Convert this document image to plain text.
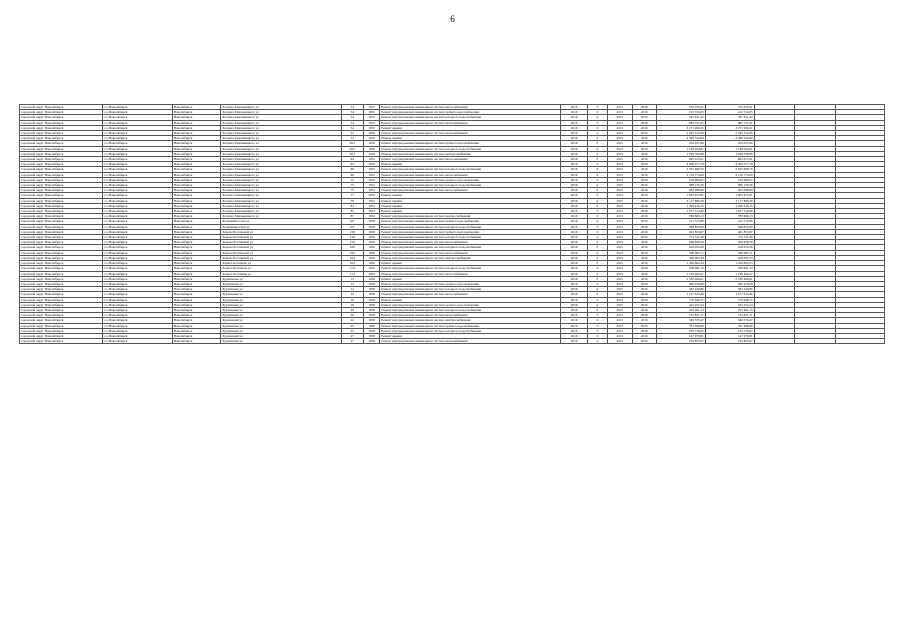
6
городской округ Новосибирск	г.о.Новосибирск	Новосибирск	Богдана Хмельницкого ул	53	1957	Ремонт внутридомовых инженерных систем теплоснабжения	2016	0	2015	2016	570 076,41	570 076,41			
городской округ Новосибирск	г.о.Новосибирск	Новосибирск	Богдана Хмельницкого ул	54	1955	Ремонт внутридомовых инженерных систем горячего водоснабжения	2016	0	2015	2016	212 724,05	212 724,05			
городской округ Новосибирск	г.о.Новосибирск	Новосибирск	Богдана Хмельницкого ул	54	1955	Ремонт внутридомовых инженерных систем холодного водоснабжения	2016	0	2015	2016	367 811,42	367 811,42			
городской округ Новосибирск	г.о.Новосибирск	Новосибирск	Богдана Хмельницкого ул	54	1955	Ремонт внутридомовых инженерных систем теплоснабжения	2016	0	2015	2016	985 751,61	985 751,61			
городской округ Новосибирск	г.о.Новосибирск	Новосибирск	Богдана Хмельницкого ул	54	1955	Ремонт крыши	2016	0	2015	2016	3 271 269,21	3 271 269,21			
городской округ Новосибирск	г.о.Новосибирск	Новосибирск	Богдана Хмельницкого ул	55	1956	Ремонт внутридомовых инженерных систем теплоснабжения	2016	0	2015	2016	2 345 312,08	2 345 312,08			
городской округ Новосибирск	г.о.Новосибирск	Новосибирск	Богдана Хмельницкого ул	55	1956	Ремонт крыши	2016	0	2015	2016	4 369 724,69	4 369 724,69			
городской округ Новосибирск	г.о.Новосибирск	Новосибирск	Богдана Хмельницкого ул	56/1	1958	Ремонт внутридомовых инженерных систем горячего водоснабжения	2016	0	2015	2016	259 037,69	259 037,69			
городской округ Новосибирск	г.о.Новосибирск	Новосибирск	Богдана Хмельницкого ул	56/1	1958	Ремонт внутридомовых инженерных систем холодного водоснабжения	2016	0	2015	2016	1 148 044,81	1 148 044,81			
городской округ Новосибирск	г.о.Новосибирск	Новосибирск	Богдана Хмельницкого ул	56/1	1958	Ремонт внутридомовых инженерных систем электроснабжения	2016	0	2015	2016	1 039 700,88	1 039 700,88			
городской округ Новосибирск	г.о.Новосибирск	Новосибирск	Богдана Хмельницкого ул	64	1952	Ремонт внутридомовых инженерных систем теплоснабжения	2016	0	2015	2016	605 915,91	605 915,91			
городской округ Новосибирск	г.о.Новосибирск	Новосибирск	Богдана Хмельницкого ул	64	1952	Ремонт крыши	2016	0	2015	2016	4 306 577,79	4 306 577,79			
городской округ Новосибирск	г.о.Новосибирск	Новосибирск	Богдана Хмельницкого ул	66	1952	Ремонт внутридомовых инженерных систем холодного водоснабжения	2016	0	2015	2016	2 355 698,70	2 355 698,70			
городской округ Новосибирск	г.о.Новосибирск	Новосибирск	Богдана Хмельницкого ул	66	1952	Ремонт внутридомовых инженерных систем теплоснабжения	2016	0	2015	2016	2 116 774,09	2 116 774,09			
городской округ Новосибирск	г.о.Новосибирск	Новосибирск	Богдана Хмельницкого ул	75	1952	Ремонт внутридомовых инженерных систем горячего водоснабжения	2016	0	2015	2016	219 690,07	219 690,07			
городской округ Новосибирск	г.о.Новосибирск	Новосибирск	Богдана Хмельницкого ул	75	1952	Ремонт внутридомовых инженерных систем холодного водоснабжения	2016	0	2015	2016	968 139,36	968 139,36			
городской округ Новосибирск	г.о.Новосибирск	Новосибирск	Богдана Хмельницкого ул	75	1952	Ремонт внутридомовых инженерных систем теплоснабжения	2016	0	2015	2016	922 098,69	922 098,69			
городской округ Новосибирск	г.о.Новосибирск	Новосибирск	Богдана Хмельницкого ул	77	1952	Ремонт крыши	2016	0	2015	2016	1 963 472,81	1 963 472,81			
городской округ Новосибирск	г.о.Новосибирск	Новосибирск	Богдана Хмельницкого ул	79	1952	Ремонт крыши	2016	0	2015	2016	3 117 899,39	3 117 899,39			
городской округ Новосибирск	г.о.Новосибирск	Новосибирск	Богдана Хмельницкого ул	83	1952	Ремонт крыши	2016	0	2015	2016	1 290 416,15	1 290 416,15			
городской округ Новосибирск	г.о.Новосибирск	Новосибирск	Богдана Хмельницкого ул	85	1952	Ремонт крыши	2016	0	2015	2016	1 077 514,96	1 077 514,96			
городской округ Новосибирск	г.о.Новосибирск	Новосибирск	Богдана Хмельницкого ул	87	1954	Ремонт внутридомовых инженерных систем электроснабжения	2016	0	2015	2016	780 669,13	780 669,13			
городской округ Новосибирск	г.о.Новосибирск	Новосибирск	Большевистская ул	107	1958	Ремонт внутридомовых инженерных систем горячего водоснабжения	2016	0	2015	2016	211 513,86	211 513,86			
городской округ Новосибирск	г.о.Новосибирск	Новосибирск	Большевистская ул	107	1958	Ремонт внутридомовых инженерных систем холодного водоснабжения	2016	0	2015	2016	598 833,09	598 833,09			
городской округ Новосибирск	г.о.Новосибирск	Новосибирск	Березы Богатковой ул	158	1959	Ремонт внутридомовых инженерных систем горячего водоснабжения	2016	0	2015	2016	461 853,87	461 853,87			
городской округ Новосибирск	г.о.Новосибирск	Новосибирск	Березы Богатковой ул	158	1959	Ремонт внутридомовых инженерных систем холодного водоснабжения	2016	0	2015	2016	772 511,48	772 511,48			
городской округ Новосибирск	г.о.Новосибирск	Новосибирск	Березы Богатковой ул	158	1959	Ремонт внутридомовых инженерных систем теплоснабжения	2016	0	2015	2016	266 658,59	266 658,59			
городской округ Новосибирск	г.о.Новосибирск	Новосибирск	Березы Богатковой ул	160	1956	Ремонт внутридомовых инженерных систем холодного водоснабжения	2016	0	2015	2016	618 054,58	618 054,58			
городской округ Новосибирск	г.о.Новосибирск	Новосибирск	Березы Богатковой ул	160	1956	Ремонт внутридомовых инженерных систем теплоснабжения	2016	0	2015	2016	598 960,11	598 960,11			
городской округ Новосибирск	г.о.Новосибирск	Новосибирск	Березы Богатковой ул	164	1956	Ремонт внутридомовых инженерных систем электроснабжения	2016	0	2015	2016	456 095,33	456 095,33			
городской округ Новосибирск	г.о.Новосибирск	Новосибирск	Бориса Богаткова ул	164	1956	Ремонт крыши	2016	0	2015	2016	1 439 862,23	1 439 862,23			
городской округ Новосибирск	г.о.Новосибирск	Новосибирск	Бориса Богаткова ул	174	1952	Ремонт внутридомовых инженерных систем холодного водоснабжения	2016	0	2015	2016	708 681,13	708 681,13			
городской округ Новосибирск	г.о.Новосибирск	Новосибирск	Бориса Богаткова ул	174	1952	Ремонт внутридомовых инженерных систем теплоснабжения	2016	0	2015	2016	1 149 464,27	1 149 464,27			
городской округ Новосибирск	г.о.Новосибирск	Новосибирск	Бурлинская ул	13	1958	Ремонт крыши	2016	0	2015	2016	2 530 466,61	2 530 466,61			
городской округ Новосибирск	г.о.Новосибирск	Новосибирск	Бурлинская ул	14	1958	Ремонт внутридомовых инженерных систем горячего водоснабжения	2016	0	2015	2016	460 476,06	460 476,06			
городской округ Новосибирск	г.о.Новосибирск	Новосибирск	Бурлинская ул	14	1958	Ремонт внутридомовых инженерных систем холодного водоснабжения	2016	0	2015	2016	563 240,86	563 240,86			
городской округ Новосибирск	г.о.Новосибирск	Новосибирск	Бурлинская ул	16	1958	Ремонт внутридомовых инженерных систем теплоснабжения	2016	0	2015	2016	1 127 613,46	1 127 613,46			
городской округ Новосибирск	г.о.Новосибирск	Новосибирск	Бурлинская ул	16	1958	Ремонт крыши	2016	0	2015	2016	776 946,77	776 946,77			
городской округ Новосибирск	г.о.Новосибирск	Новосибирск	Бурлинская ул	18	1958	Ремонт внутридомовых инженерных систем горячего водоснабжения	2016	0	2015	2016	422 252,24	422 252,24			
городской округ Новосибирск	г.о.Новосибирск	Новосибирск	Бурлинская ул	20	1958	Ремонт внутридомовых инженерных систем холодного водоснабжения	2016	0	2015	2016	255 461,13	255 461,13			
городской округ Новосибирск	г.о.Новосибирск	Новосибирск	Бурлинская ул	20	1958	Ремонт внутридомовых инженерных систем теплоснабжения	2016	0	2015	2016	745 831,71	745 831,71			
городской округ Новосибирск	г.о.Новосибирск	Новосибирск	Бурлинская ул	22	1958	Ремонт внутридомовых инженерных систем электроснабжения	2016	0	2015	2016	349 579,47	349 579,47			
городской округ Новосибирск	г.о.Новосибирск	Новосибирск	Бурлинская ул	25	1958	Ремонт внутридомовых инженерных систем горячего водоснабжения	2016	0	2015	2016	791 496,60	791 496,60			
городской округ Новосибирск	г.о.Новосибирск	Новосибирск	Бурлинская ул	25	1958	Ремонт внутридомовых инженерных систем холодного водоснабжения	2016	0	2015	2016	479 778,65	479 778,65			
городской округ Новосибирск	г.о.Новосибирск	Новосибирск	Бурлинская ул	27	1958	Ремонт крыши	2016	0	2015	2016	147 070,81	147 070,81			
городской округ Новосибирск	г.о.Новосибирск	Новосибирск	Бурлинская ул	27	1958	Ремонт внутридомовых инженерных систем теплоснабжения	2016	0	2015	2016	279 853,97	279 853,97			
